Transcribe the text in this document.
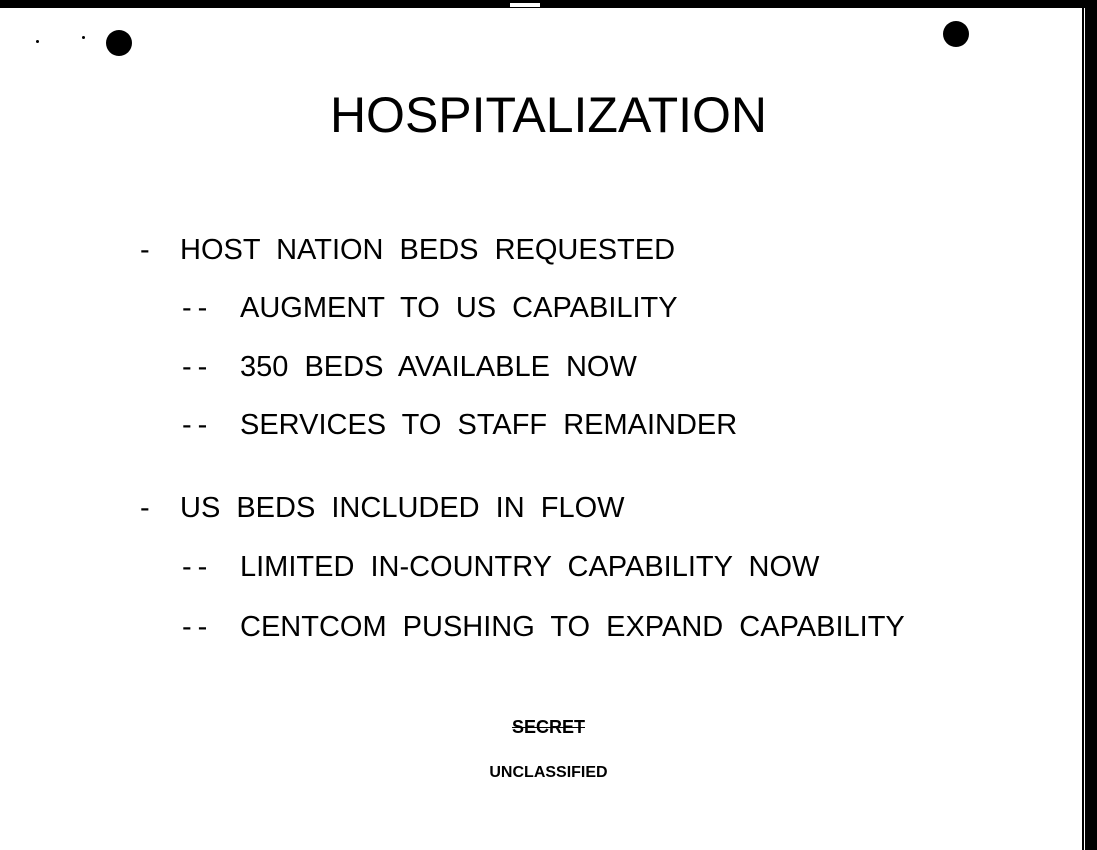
HOSPITALIZATION
- HOST NATION BEDS REQUESTED
-- AUGMENT TO US CAPABILITY
-- 350 BEDS AVAILABLE NOW
-- SERVICES TO STAFF REMAINDER
- US BEDS INCLUDED IN FLOW
-- LIMITED IN-COUNTRY CAPABILITY NOW
-- CENTCOM PUSHING TO EXPAND CAPABILITY
SECRET
UNCLASSIFIED
